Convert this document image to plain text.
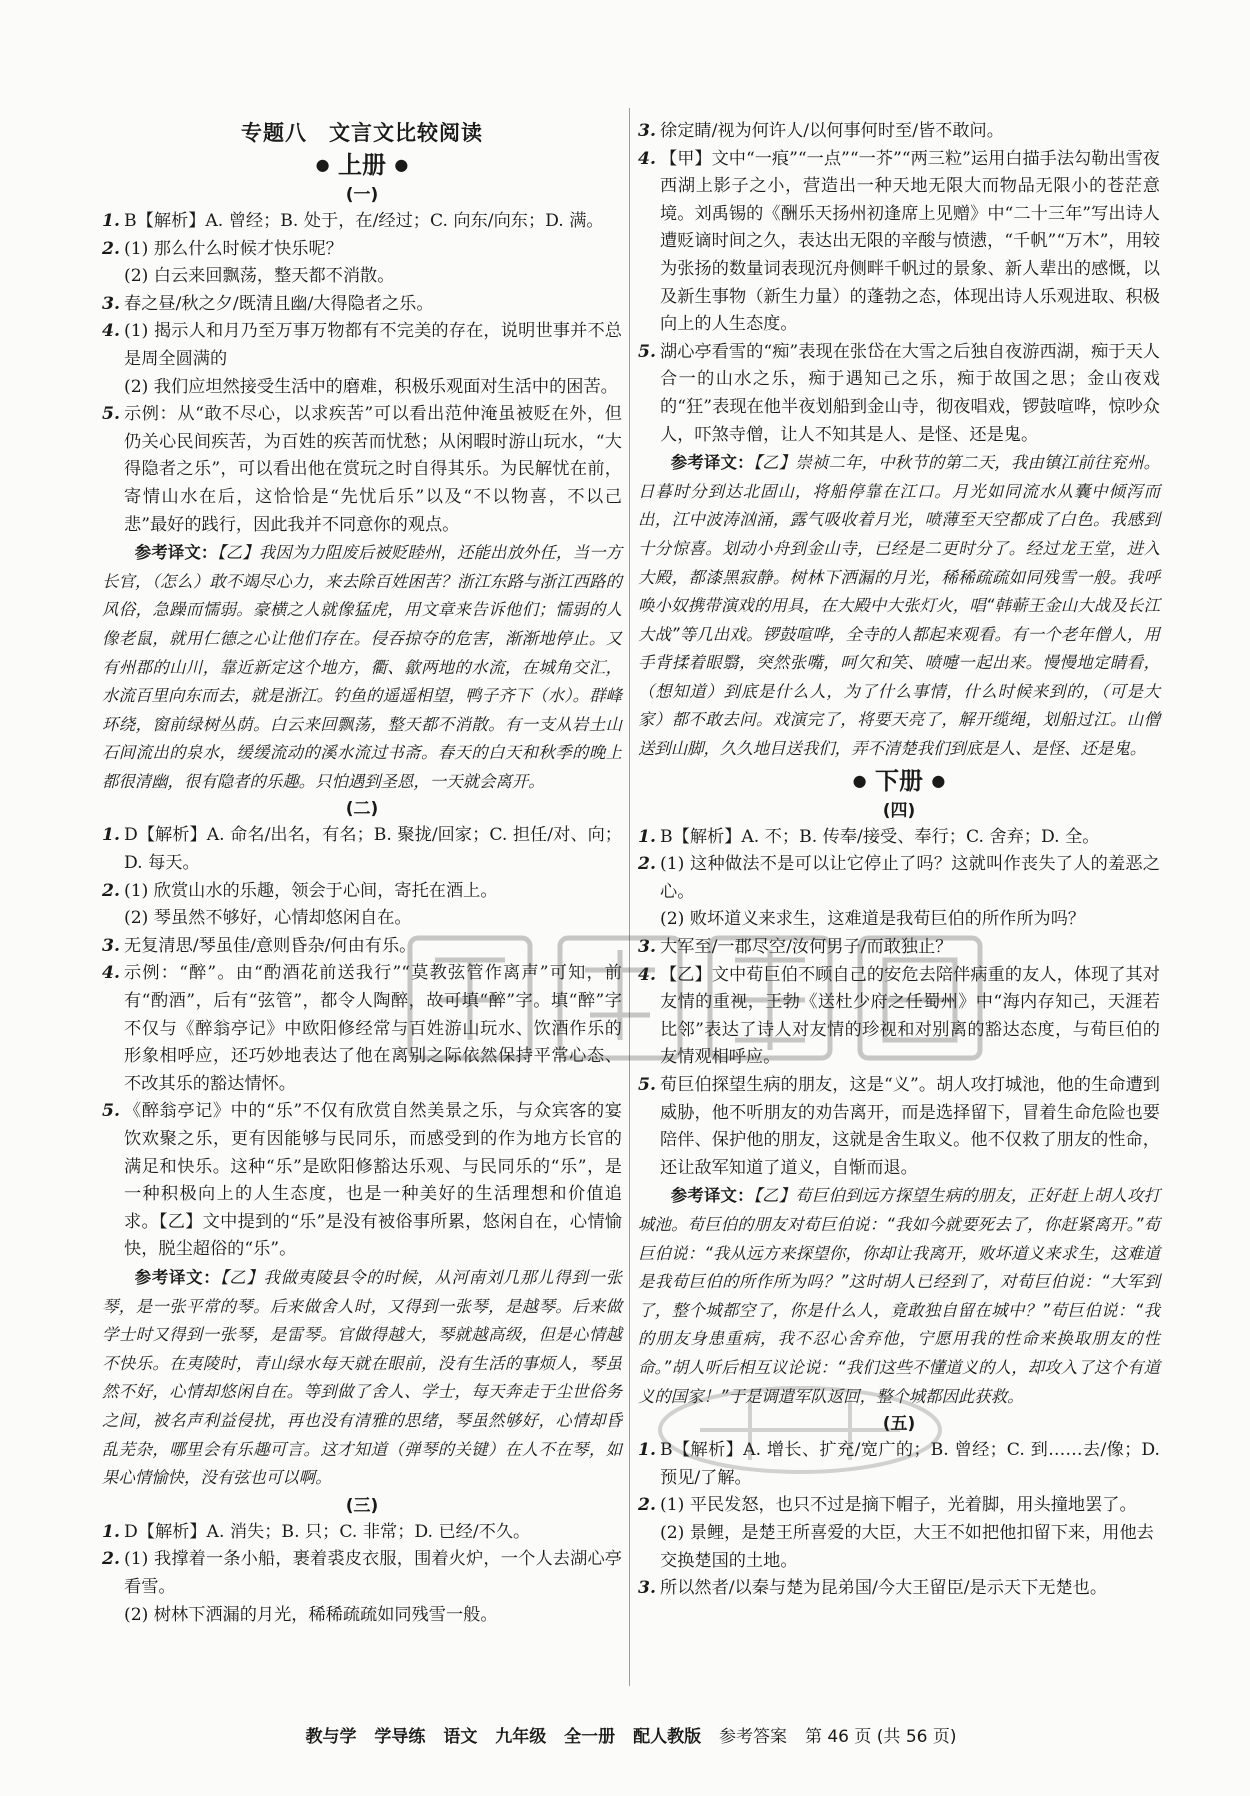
专题八　文言文比较阅读
● 上册 ●
(一)
1. B【解析】A. 曾经；B. 处于，在/经过；C. 向东/向东；D. 满。
2. (1) 那么什么时候才快乐呢？
(2) 白云来回飘荡，整天都不消散。
3. 春之昼/秋之夕/既清且幽/大得隐者之乐。
4. (1) 揭示人和月乃至万事万物都有不完美的存在，说明世事并不总是周全圆满的
(2) 我们应坦然接受生活中的磨难，积极乐观面对生活中的困苦。
5. 示例：从“敢不尽心，以求疾苦”可以看出范仲淹虽被贬在外，但仍关心民间疾苦，为百姓的疾苦而忧愁；从闲暇时游山玩水，“大得隐者之乐”，可以看出他在赏玩之时自得其乐。为民解忧在前，寄情山水在后，这恰恰是“先忧后乐”以及“不以物喜，不以己悲”最好的践行，因此我并不同意你的观点。
参考译文：【乙】我因为力阻废后被贬睦州，还能出放外任，当一方长官，（怎么）敢不竭尽心力，来去除百姓困苦？浙江东路与浙江西路的风俗，急躁而懦弱。豪横之人就像猛虎，用文章来告诉他们；懦弱的人像老鼠，就用仁德之心让他们存在。侵吞掠夺的危害，渐渐地停止。又有州郡的山川，靠近新定这个地方，衢、歙两地的水流，在城角交汇，水流百里向东而去，就是浙江。钓鱼的遥遥相望，鸭子齐下（水）。群峰环绕，窗前绿树丛荫。白云来回飘荡，整天都不消散。有一支从岩土山石间流出的泉水，缓缓流动的溪水流过书斋。春天的白天和秋季的晚上都很清幽，很有隐者的乐趣。只怕遇到圣恩，一天就会离开。
(二)
1. D【解析】A. 命名/出名，有名；B. 聚拢/回家；C. 担任/对、向；D. 每天。
2. (1) 欣赏山水的乐趣，领会于心间，寄托在酒上。
(2) 琴虽然不够好，心情却悠闲自在。
3. 无复清思/琴虽佳/意则昏杂/何由有乐。
4. 示例：“醉”。由“酌酒花前送我行”“莫教弦管作离声”可知，前有“酌酒”，后有“弦管”，都令人陶醉，故可填“醉”字。填“醉”字不仅与《醉翁亭记》中欧阳修经常与百姓游山玩水、饮酒作乐的形象相呼应，还巧妙地表达了他在离别之际依然保持平常心态、不改其乐的豁达情怀。
5. 《醉翁亭记》中的“乐”不仅有欣赏自然美景之乐，与众宾客的宴饮欢聚之乐，更有因能够与民同乐，而感受到的作为地方长官的满足和快乐。这种“乐”是欧阳修豁达乐观、与民同乐的“乐”，是一种积极向上的人生态度，也是一种美好的生活理想和价值追求。【乙】文中提到的“乐”是没有被俗事所累，悠闲自在，心情愉快，脱尘超俗的“乐”。
参考译文：【乙】我做夷陵县令的时候，从河南刘几那儿得到一张琴，是一张平常的琴。后来做舍人时，又得到一张琴，是越琴。后来做学士时又得到一张琴，是雷琴。官做得越大，琴就越高级，但是心情越不快乐。在夷陵时，青山绿水每天就在眼前，没有生活的事烦人，琴虽然不好，心情却悠闲自在。等到做了舍人、学士，每天奔走于尘世俗务之间，被名声利益侵扰，再也没有清雅的思绪，琴虽然够好，心情却昏乱芜杂，哪里会有乐趣可言。这才知道（弹琴的关键）在人不在琴，如果心情愉快，没有弦也可以啊。
(三)
1. D【解析】A. 消失；B. 只；C. 非常；D. 已经/不久。
2. (1) 我撑着一条小船，裹着裘皮衣服，围着火炉，一个人去湖心亭看雪。
(2) 树林下洒漏的月光，稀稀疏疏如同残雪一般。
3. 徐定睛/视为何许人/以何事何时至/皆不敢问。
4. 【甲】文中“一痕”“一点”“一芥”“两三粒”运用白描手法勾勒出雪夜西湖上影子之小，营造出一种天地无限大而物品无限小的苍茫意境。刘禹锡的《酬乐天扬州初逢席上见赠》中“二十三年”写出诗人遭贬谪时间之久，表达出无限的辛酸与愤懑，“千帆”“万木”，用较为张扬的数量词表现沉舟侧畔千帆过的景象、新人辈出的感慨，以及新生事物（新生力量）的蓬勃之态，体现出诗人乐观进取、积极向上的人生态度。
5. 湖心亭看雪的“痴”表现在张岱在大雪之后独自夜游西湖，痴于天人合一的山水之乐，痴于遇知己之乐，痴于故国之思；金山夜戏的“狂”表现在他半夜划船到金山寺，彻夜唱戏，锣鼓喧哗，惊吵众人，吓煞寺僧，让人不知其是人、是怪、还是鬼。
参考译文：【乙】崇祯二年，中秋节的第二天，我由镇江前往兖州。日暮时分到达北固山，将船停靠在江口。月光如同流水从囊中倾泻而出，江中波涛汹涌，露气吸收着月光，喷薄至天空都成了白色。我感到十分惊喜。划动小舟到金山寺，已经是二更时分了。经过龙王堂，进入大殿，都漆黑寂静。树林下洒漏的月光，稀稀疏疏如同残雪一般。我呼唤小奴携带演戏的用具，在大殿中大张灯火，唱“韩蕲王金山大战及长江大战”等几出戏。锣鼓喧哗，全寺的人都起来观看。有一个老年僧人，用手背揉着眼翳，突然张嘴，呵欠和笑、喷嚏一起出来。慢慢地定睛看，（想知道）到底是什么人，为了什么事情，什么时候来到的，（可是大家）都不敢去问。戏演完了，将要天亮了，解开缆绳，划船过江。山僧送到山脚，久久地目送我们，弄不清楚我们到底是人、是怪、还是鬼。
● 下册 ●
(四)
1. B【解析】A. 不；B. 传奉/接受、奉行；C. 舍弃；D. 全。
2. (1) 这种做法不是可以让它停止了吗？这就叫作丧失了人的羞恶之心。
(2) 败坏道义来求生，这难道是我荀巨伯的所作所为吗？
3. 大军至/一郡尽空/汝何男子/而敢独止？
4. 【乙】文中荀巨伯不顾自己的安危去陪伴病重的友人，体现了其对友情的重视，王勃《送杜少府之任蜀州》中“海内存知己，天涯若比邻”表达了诗人对友情的珍视和对别离的豁达态度，与荀巨伯的友情观相呼应。
5. 荀巨伯探望生病的朋友，这是“义”。胡人攻打城池，他的生命遭到威胁，他不听朋友的劝告离开，而是选择留下，冒着生命危险也要陪伴、保护他的朋友，这就是舍生取义。他不仅救了朋友的性命，还让敌军知道了道义，自惭而退。
参考译文：【乙】荀巨伯到远方探望生病的朋友，正好赶上胡人攻打城池。荀巨伯的朋友对荀巨伯说：“我如今就要死去了，你赶紧离开。”荀巨伯说：“我从远方来探望你，你却让我离开，败坏道义来求生，这难道是我荀巨伯的所作所为吗？”这时胡人已经到了，对荀巨伯说：“大军到了，整个城都空了，你是什么人，竟敢独自留在城中？”荀巨伯说：“我的朋友身患重病，我不忍心舍弃他，宁愿用我的性命来换取朋友的性命。”胡人听后相互议论说：“我们这些不懂道义的人，却攻入了这个有道义的国家！”于是调遣军队返回，整个城都因此获救。
(五)
1. B【解析】A. 增长、扩充/宽广的；B. 曾经；C. 到……去/像；D. 预见/了解。
2. (1) 平民发怒，也只不过是摘下帽子，光着脚，用头撞地罢了。
(2) 景鲤，是楚王所喜爱的大臣，大王不如把他扣留下来，用他去交换楚国的土地。
3. 所以然者/以秦与楚为昆弟国/今大王留臣/是示天下无楚也。
教与学 学导练 语文 九年级 全一册 配人教版 参考答案 第 46 页 (共 56 页)
